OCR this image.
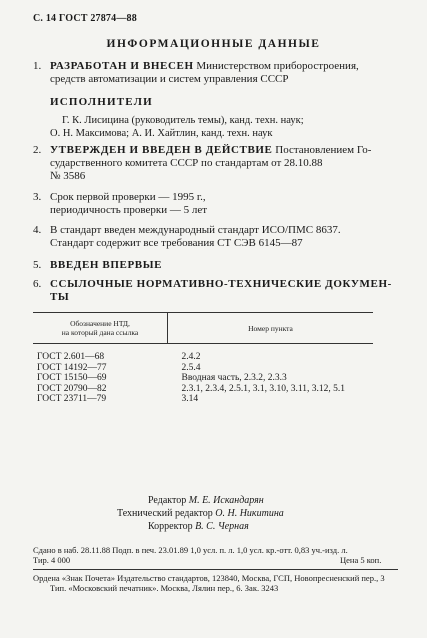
С. 14 ГОСТ 27874—88
ИНФОРМАЦИОННЫЕ ДАННЫЕ
1. РАЗРАБОТАН И ВНЕСЕН Министерством приборостроения,
средств автоматизации и систем управления СССР
ИСПОЛНИТЕЛИ
Г. К. Лисицина (руководитель темы), канд. техн. наук;
О. Н. Максимова; А. И. Хайтлин, канд. техн. наук
2. УТВЕРЖДЕН И ВВЕДЕН В ДЕЙСТВИЕ Постановлением Го-
сударственного комитета СССР по стандартам от 28.10.88
№ 3586
3. Срок первой проверки — 1995 г.,
периодичность проверки — 5 лет
4. В стандарт введен международный стандарт ИСО/ПМС 8637.
Стандарт содержит все требования СТ СЭВ 6145—87
5. ВВЕДЕН ВПЕРВЫЕ
6. ССЫЛОЧНЫЕ НОРМАТИВНО-ТЕХНИЧЕСКИЕ ДОКУМЕН-
ТЫ
Обозначение НТД,
на который дана ссылка	Номер пункта
ГОСТ 2.601—68	2.4.2
ГОСТ 14192—77	2.5.4
ГОСТ 15150—69	Вводная часть, 2.3.2, 2.3.3
ГОСТ 20790—82	2.3.1, 2.3.4, 2.5.1, 3.1, 3.10, 3.11, 3.12, 5.1
ГОСТ 23711—79	3.14
Редактор М. Е. Искандарян
Технический редактор О. Н. Никитина
Корректор В. С. Черная
Сдано в наб. 28.11.88 Подп. в печ. 23.01.89 1,0 усл. п. л. 1,0 усл. кр.-отт. 0,83 уч.-изд. л.
Тир. 4 000	Цена 5 коп.
Ордена «Знак Почета» Издательство стандартов, 123840, Москва, ГСП, Новопресненский пер., 3
Тип. «Московский печатник». Москва, Лялин пер., 6. Зак. 3243
